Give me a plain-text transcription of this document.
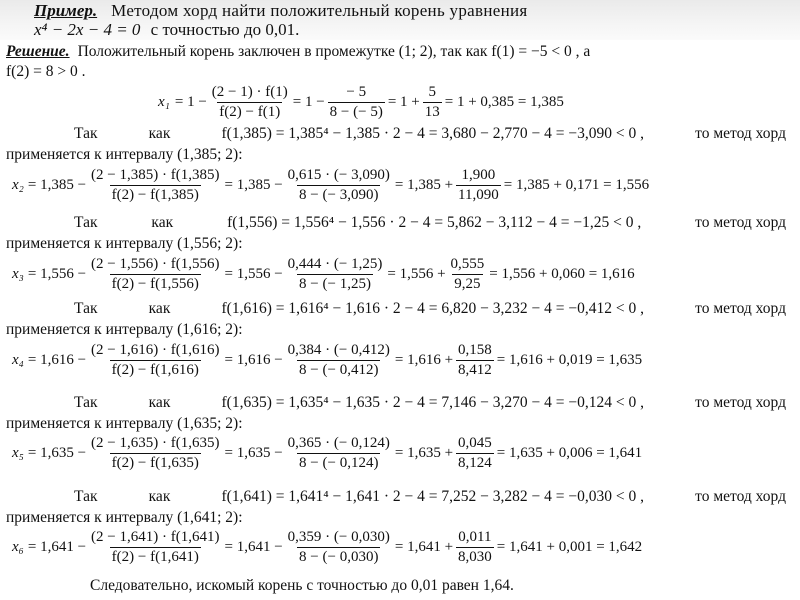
Пример. Методом хорд найти положительный корень уравнения
x⁴ − 2x − 4 = 0 с точностью до 0,01.
Решение. Положительный корень заключен в промежутке (1; 2), так как f(1) = −5 < 0 , а
f(2) = 8 > 0 .
$x_1 = 1 - \frac{(2 - 1) \cdot f(1)}{f(2) - f(1)} = 1 - \frac{- 5}{8 - (- 5)} = 1 + \frac{5}{13} = 1 + 0,385 = 1,385$
Так	как	f(1,385) = 1,385⁴ − 1,385 · 2 − 4 = 3,680 − 2,770 − 4 = −3,090 < 0 ,	то метод хорд
применяется к интервалу (1,385; 2):
$x_2 = 1,385 - \frac{(2 - 1,385) \cdot f(1,385)}{f(2) - f(1,385)} = 1,385 - \frac{0,615 \cdot (- 3,090)}{8 - (- 3,090)} = 1,385 + \frac{1,900}{11,090} = 1,385 + 0,171 = 1,556$
Так	как	f(1,556) = 1,556⁴ − 1,556 · 2 − 4 = 5,862 − 3,112 − 4 = −1,25 < 0 ,	то метод хорд
применяется к интервалу (1,556; 2):
$x_3 = 1,556 - \frac{(2 - 1,556) \cdot f(1,556)}{f(2) - f(1,556)} = 1,556 - \frac{0,444 \cdot (- 1,25)}{8 - (- 1,25)} = 1,556 + \frac{0,555}{9,25} = 1,556 + 0,060 = 1,616$
Так	как	f(1,616) = 1,616⁴ − 1,616 · 2 − 4 = 6,820 − 3,232 − 4 = −0,412 < 0 ,	то метод хорд
применяется к интервалу (1,616; 2):
$x_4 = 1,616 - \frac{(2 - 1,616) \cdot f(1,616)}{f(2) - f(1,616)} = 1,616 - \frac{0,384 \cdot (- 0,412)}{8 - (- 0,412)} = 1,616 + \frac{0,158}{8,412} = 1,616 + 0,019 = 1,635$
Так	как	f(1,635) = 1,635⁴ − 1,635 · 2 − 4 = 7,146 − 3,270 − 4 = −0,124 < 0 ,	то метод хорд
применяется к интервалу (1,635; 2):
$x_5 = 1,635 - \frac{(2 - 1,635) \cdot f(1,635)}{f(2) - f(1,635)} = 1,635 - \frac{0,365 \cdot (- 0,124)}{8 - (- 0,124)} = 1,635 + \frac{0,045}{8,124} = 1,635 + 0,006 = 1,641$
Так	как	f(1,641) = 1,641⁴ − 1,641 · 2 − 4 = 7,252 − 3,282 − 4 = −0,030 < 0 ,	то метод хорд
применяется к интервалу (1,641; 2):
$x_6 = 1,641 - \frac{(2 - 1,641) \cdot f(1,641)}{f(2) - f(1,641)} = 1,641 - \frac{0,359 \cdot (- 0,030)}{8 - (- 0,030)} = 1,641 + \frac{0,011}{8,030} = 1,641 + 0,001 = 1,642$
Следовательно, искомый корень с точностью до 0,01 равен 1,64.
